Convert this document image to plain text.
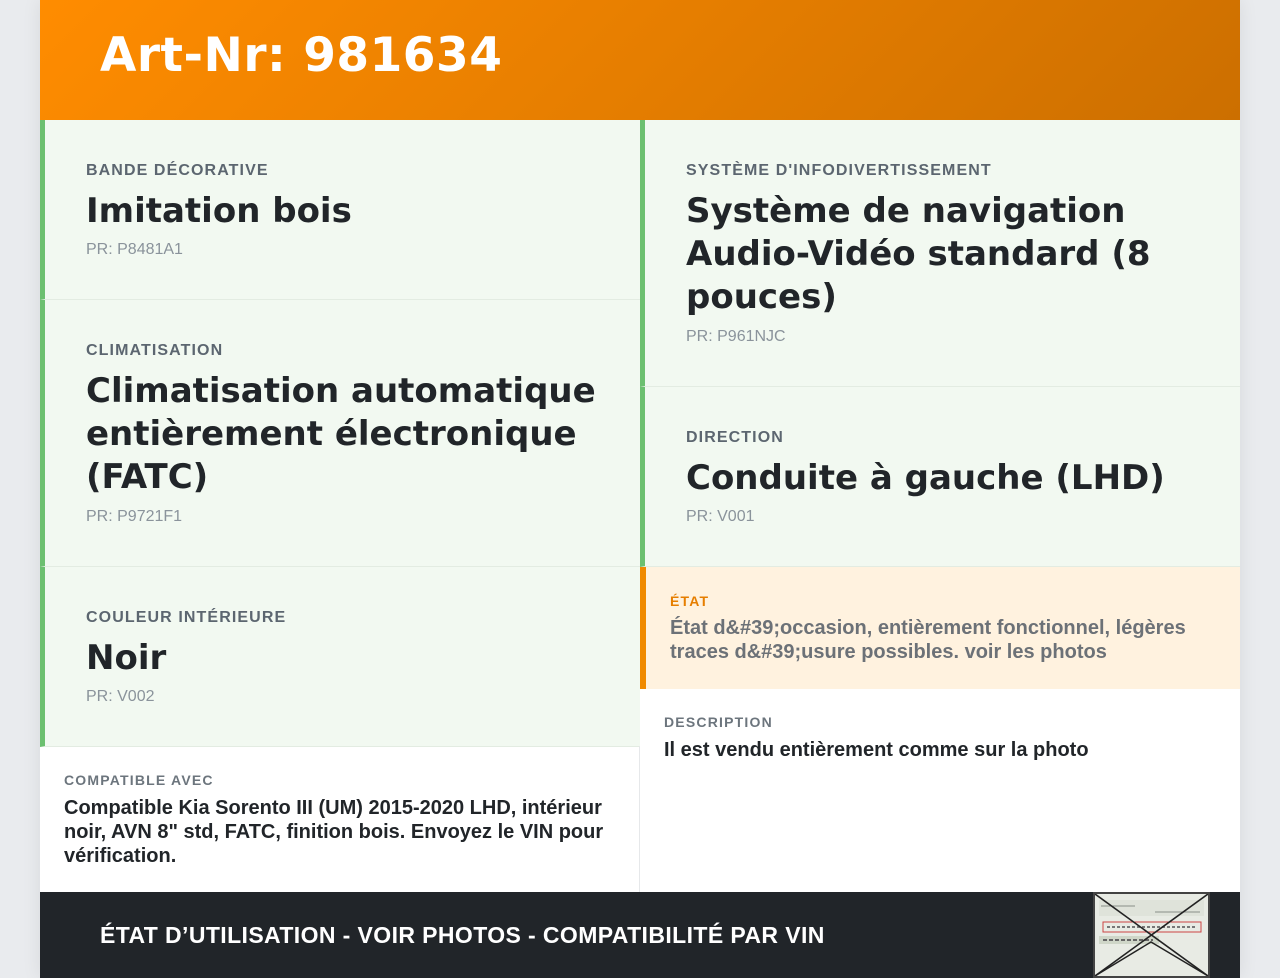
Art-Nr: 981634
BANDE DÉCORATIVE
Imitation bois
PR: P8481A1
CLIMATISATION
Climatisation automatique entièrement électronique (FATC)
PR: P9721F1
COULEUR INTÉRIEURE
Noir
PR: V002
COMPATIBLE AVEC
Compatible Kia Sorento III (UM) 2015-2020 LHD, intérieur noir, AVN 8" std, FATC, finition bois. Envoyez le VIN pour vérification.
SYSTÈME D'INFODIVERTISSEMENT
Système de navigation Audio-Vidéo standard (8 pouces)
PR: P961NJC
DIRECTION
Conduite à gauche (LHD)
PR: V001
ÉTAT
État d&#39;occasion, entièrement fonctionnel, légères traces d&#39;usure possibles. voir les photos
DESCRIPTION
Il est vendu entièrement comme sur la photo
ÉTAT D’UTILISATION - VOIR PHOTOS - COMPATIBILITÉ PAR VIN
